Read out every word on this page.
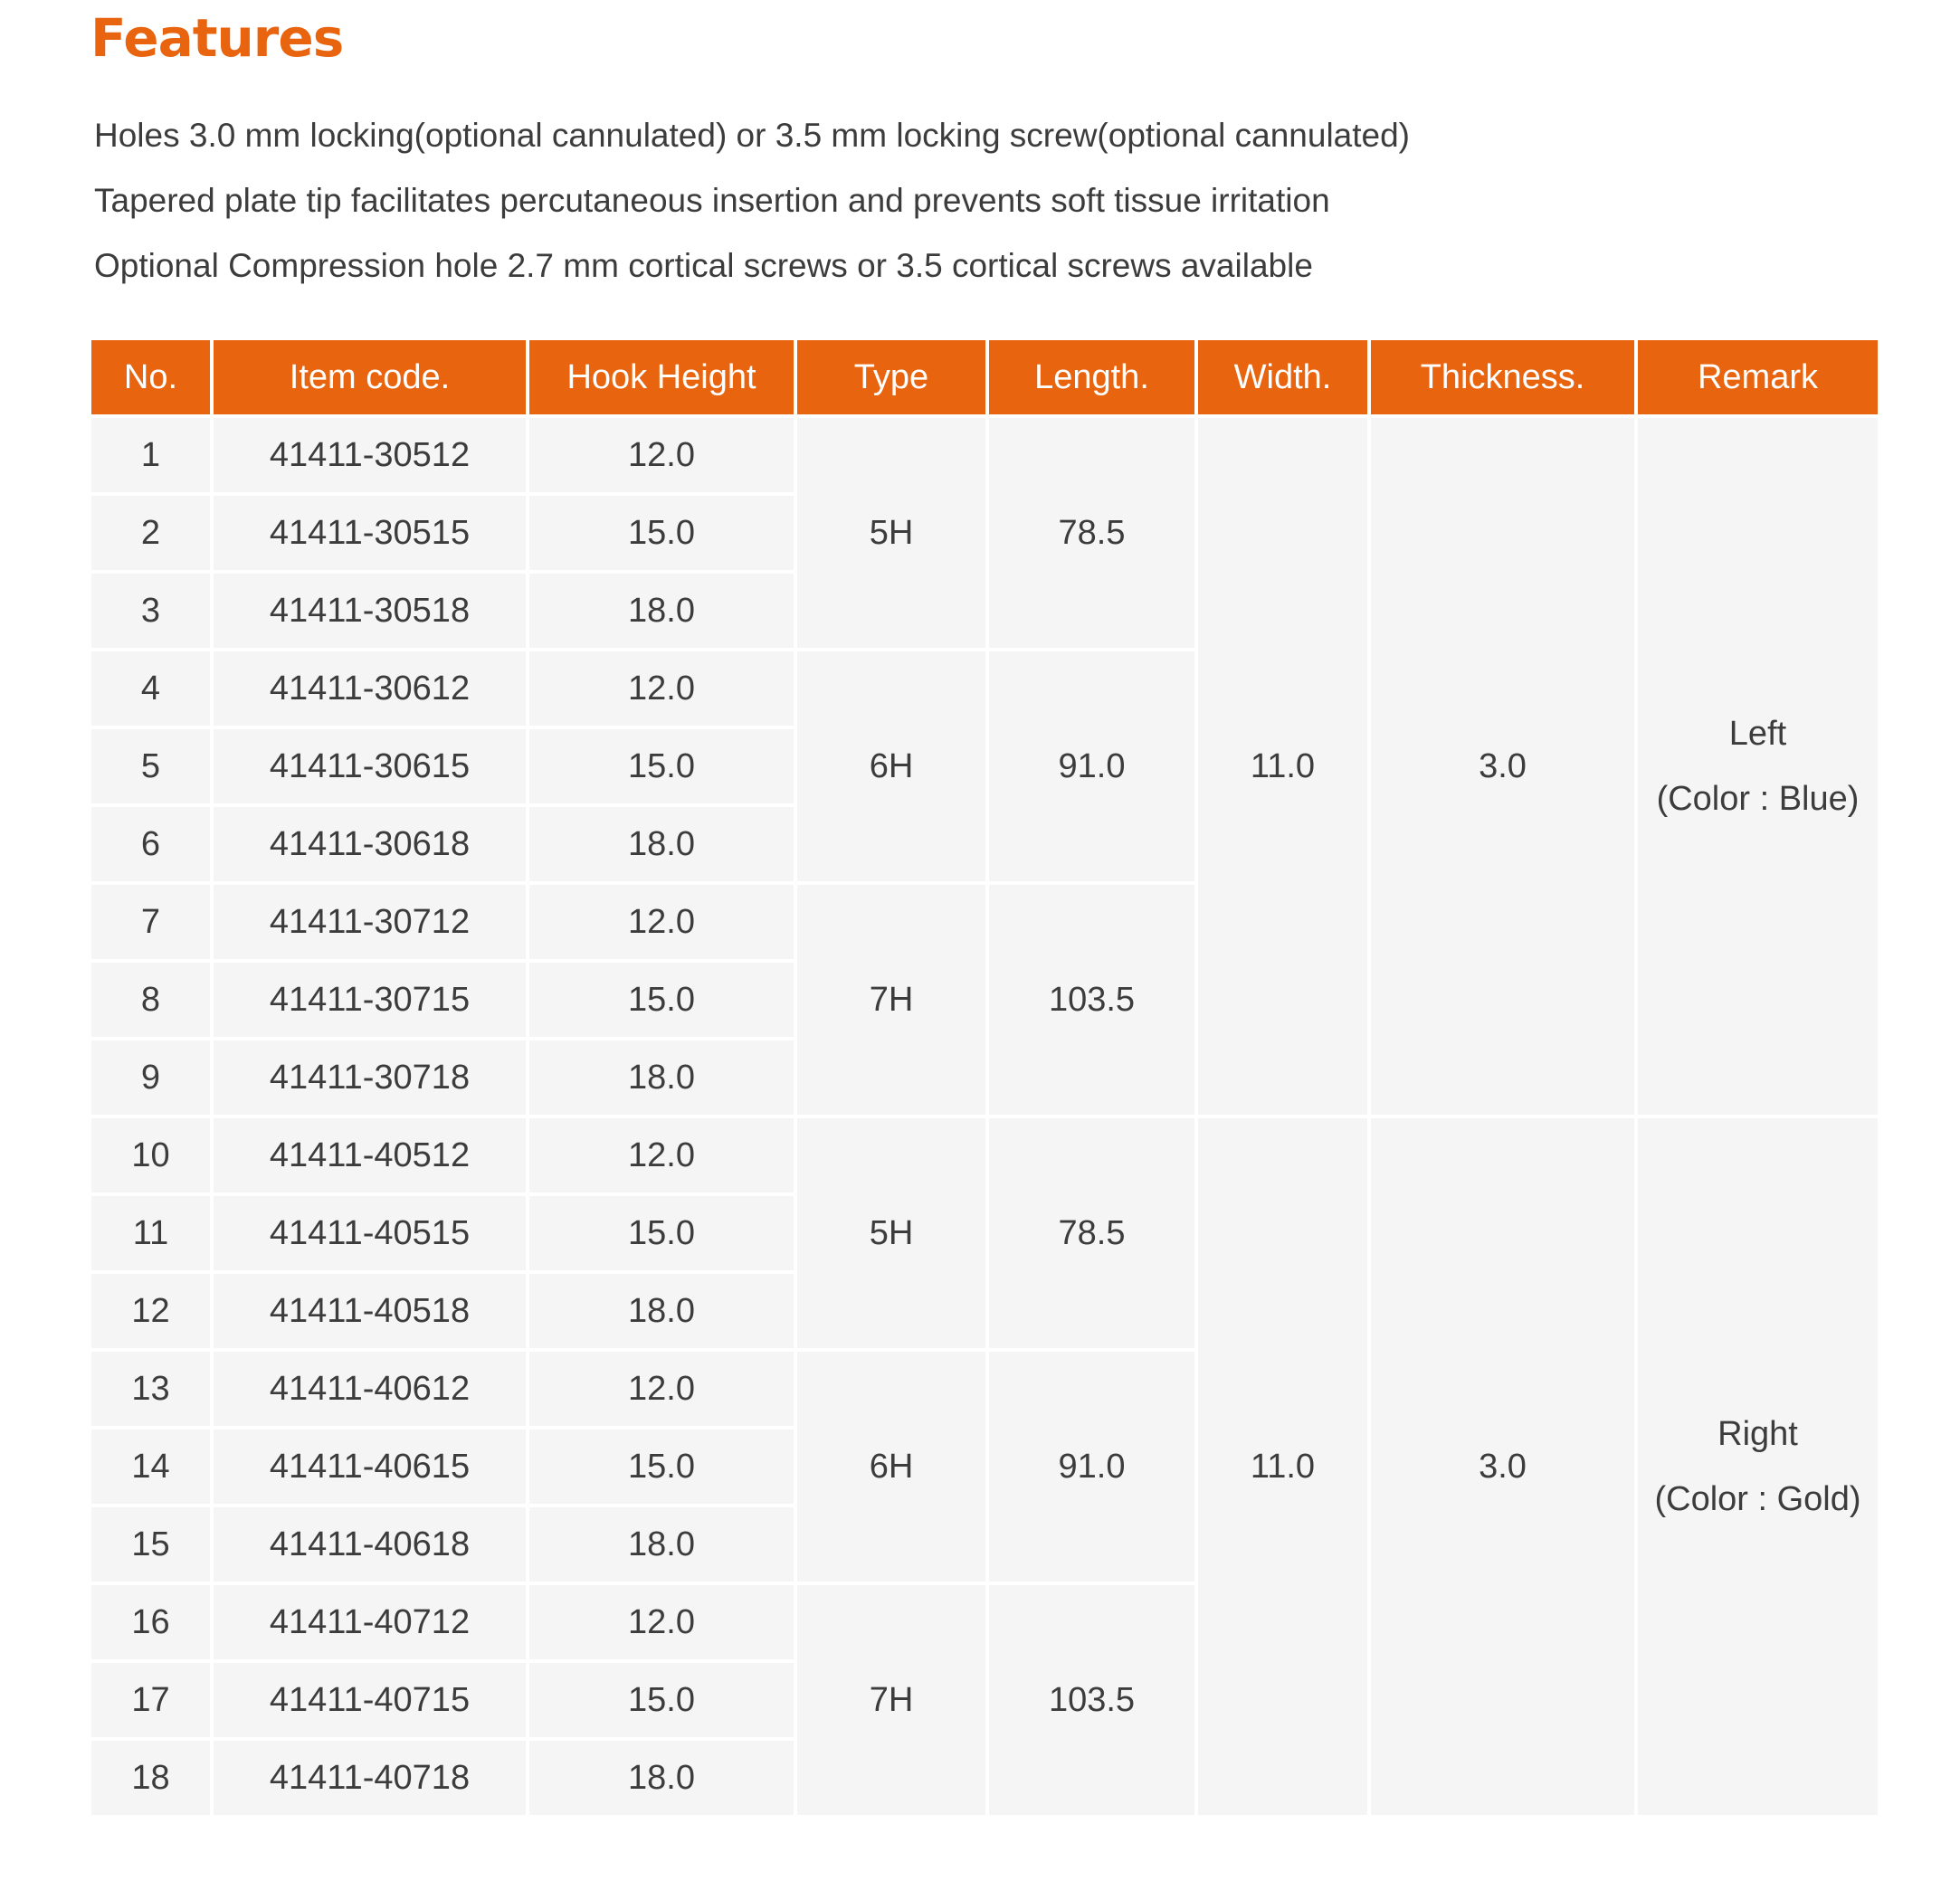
Features

Holes 3.0 mm locking(optional cannulated) or 3.5 mm locking screw(optional cannulated)

Tapered plate tip facilitates percutaneous insertion and prevents soft tissue irritation

Optional Compression hole 2.7 mm cortical screws or 3.5 cortical screws available

No.	Item code.	Hook Height	Type	Length.	Width.	Thickness.	Remark
1	41411-30512	12.0	5H	78.5	11.0	3.0	Left
(Color : Blue)

2	41411-30515	15.0					
3	41411-30518	18.0					
4	41411-30612	12.0	6H	91.0			
5	41411-30615	15.0					
6	41411-30618	18.0					
7	41411-30712	12.0	7H	103.5			
8	41411-30715	15.0					
9	41411-30718	18.0					
10	41411-40512	12.0	5H	78.5	11.0	3.0	Right
(Color : Gold)

11	41411-40515	15.0					
12	41411-40518	18.0					
13	41411-40612	12.0	6H	91.0			
14	41411-40615	15.0					
15	41411-40618	18.0					
16	41411-40712	12.0	7H	103.5			
17	41411-40715	15.0					
18	41411-40718	18.0					
